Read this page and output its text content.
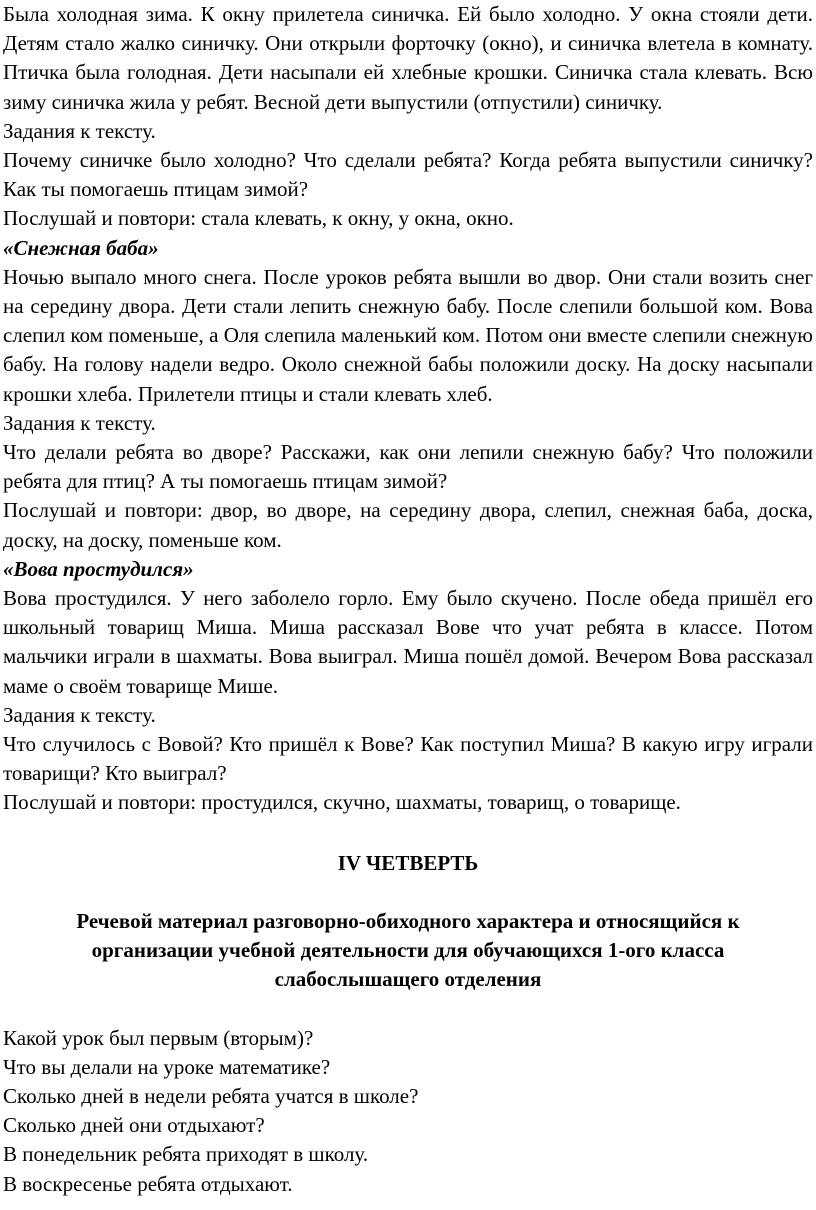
Была холодная зима. К окну прилетела синичка. Ей было холодно. У окна стояли дети. Детям стало жалко синичку. Они открыли форточку (окно), и синичка влетела в комнату. Птичка была голодная. Дети насыпали ей хлебные крошки. Синичка стала клевать. Всю зиму синичка жила у ребят. Весной дети выпустили (отпустили) синичку.

Задания к тексту.

Почему синичке было холодно? Что сделали ребята? Когда ребята выпустили синичку? Как ты помогаешь птицам зимой?

Послушай и повтори: стала клевать, к окну, у окна, окно.

«Снежная баба»

Ночью выпало много снега. После уроков ребята вышли во двор. Они стали возить снег на середину двора. Дети стали лепить снежную бабу. После слепили большой ком. Вова слепил ком поменьше, а Оля слепила маленький ком. Потом они вместе слепили снежную бабу. На голову надели ведро. Около снежной бабы положили доску. На доску насыпали крошки хлеба. Прилетели птицы и стали клевать хлеб.

Задания к тексту.

Что делали ребята во дворе? Расскажи, как они лепили снежную бабу? Что положили ребята для птиц? А ты помогаешь птицам зимой?

Послушай и повтори: двор, во дворе, на середину двора, слепил, снежная баба, доска, доску, на доску, поменьше ком.

«Вова простудился»

Вова простудился. У него заболело горло. Ему было скучено. После обеда пришёл его школьный товарищ Миша. Миша рассказал Вове что учат ребята в классе. Потом мальчики играли в шахматы. Вова выиграл. Миша пошёл домой. Вечером Вова рассказал маме о своём товарище Мише.

Задания к тексту.

Что случилось с Вовой? Кто пришёл к Вове? Как поступил Миша? В какую игру играли товарищи? Кто выиграл?

Послушай и повтори: простудился, скучно, шахматы, товарищ, о товарище.

IV ЧЕТВЕРТЬ

Речевой материал разговорно-обиходного характера и относящийся к организации учебной деятельности для обучающихся 1-ого класса слабослышащего отделения

Какой урок был первым (вторым)?

Что вы делали на уроке математике?

Сколько дней в недели ребята учатся в школе?

Сколько дней они отдыхают?

В понедельник ребята приходят в школу.

В воскресенье ребята отдыхают.
